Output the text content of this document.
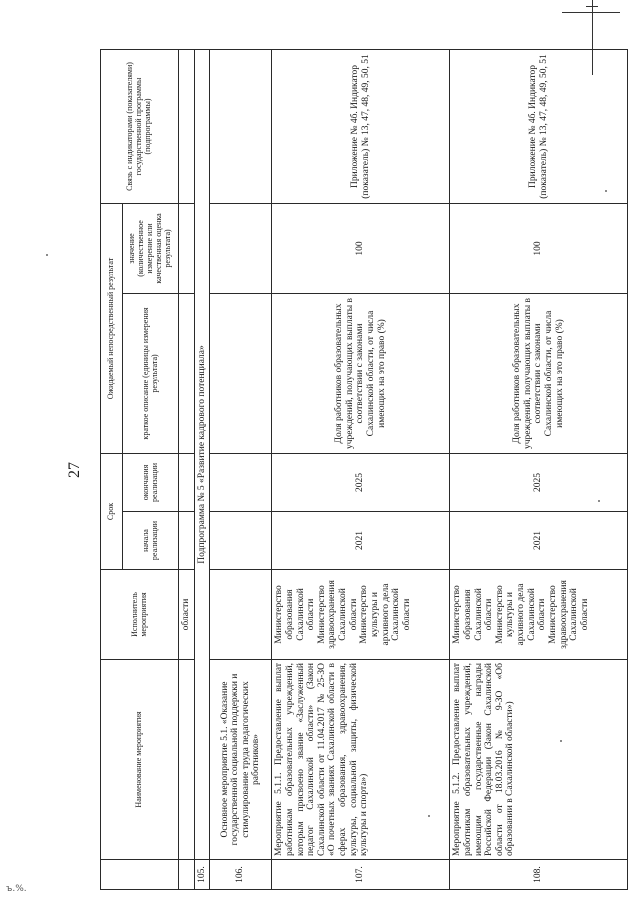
ъ.%.
27
	Наименование мероприятия	Исполнитель мероприятия	Срок		Ожидаемый непосредственный результат		Связь с индикаторами (показателями) государственной программы (подпрограммы)
			начала реализации	окончания реализации	краткое описание (единицы измерения результата)	значение (количественное измерение или качественная оценка результата)	
		области					
105.	Подпрограмма № 5 «Развитие кадрового потенциала»						
106.	Основное мероприятие 5.1. «Оказание государственной социальной поддержки и стимулирование труда педагогических работников»						
107.	Мероприятие 5.1.1. Предоставление выплат работникам образовательных учреждений, которым присвоено звание «Заслуженный педагог Сахалинской области» (Закон Сахалинской области от 11.04.2017 № 25-ЗО «О почетных званиях Сахалинской области в сферах образования, здравоохранения, культуры, социальной защиты, физической культуры и спорта»)	Министерство образования Сахалинской области Министерство здравоохранения Сахалинской области Министерство культуры и архивного дела Сахалинской области	2021	2025	Доля работников образовательных учреждений, получающих выплаты в соответствии с законами Сахалинской области, от числа имеющих на это право (%)	100	Приложение № 4б. Индикатор (показатель) № 13, 47, 48, 49, 50, 51
108.	Мероприятие 5.1.2. Предоставление выплат работникам образовательных учреждений, имеющим государственные награды Российской Федерации (Закон Сахалинской области от 18.03.2016 № 9-ЗО «Об образовании в Сахалинской области»)	Министерство образования Сахалинской области Министерство культуры и архивного дела Сахалинской области Министерство здравоохранения Сахалинской области	2021	2025	Доля работников образовательных учреждений, получающих выплаты в соответствии с законами Сахалинской области, от числа имеющих на это право (%)	100	Приложение № 4б. Индикатор (показатель) № 13, 47, 48, 49, 50, 51
